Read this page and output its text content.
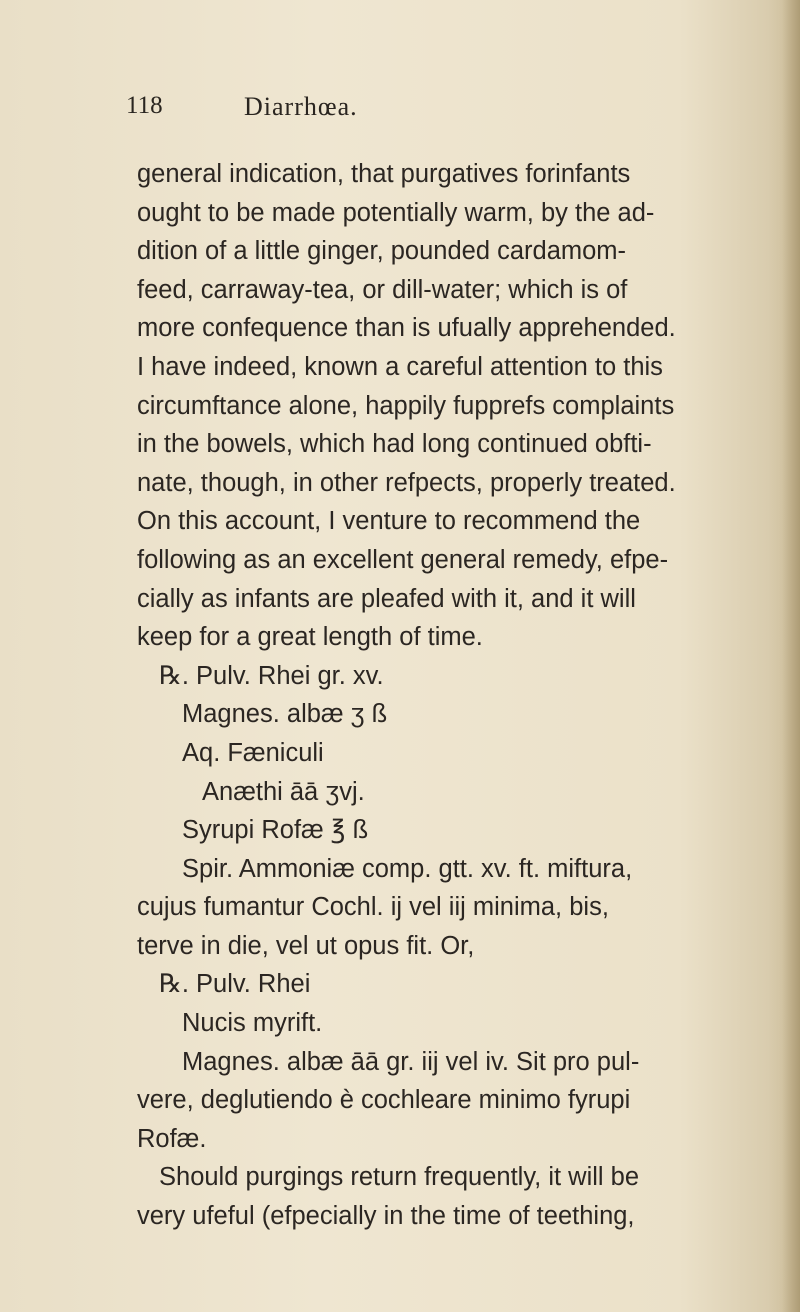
118	Diarrhœa.
general indication, that purgatives forinfants
ought to be made potentially warm, by the ad-
dition of a little ginger, pounded cardamom-
feed, carraway-tea, or dill-water; which is of
more confequence than is ufually apprehended.
I have indeed, known a careful attention to this
circumftance alone, happily fupprefs complaints
in the bowels, which had long continued obfti-
nate, though, in other refpects, properly treated.
On this account, I venture to recommend the
following as an excellent general remedy, efpe-
cially as infants are pleafed with it, and it will
keep for a great length of time.
℞. Pulv. Rhei gr. xv.
Magnes. albæ ʒ ß
Aq. Fæniculi
Anæthi āā ʒvj.
Syrupi Rofæ ℥ ß
Spir. Ammoniæ comp. gtt. xv. ft. miftura,
cujus fumantur Cochl. ij vel iij minima, bis,
terve in die, vel ut opus fit. Or,
℞. Pulv. Rhei
Nucis myrift.
Magnes. albæ āā gr. iij vel iv. Sit pro pul-
vere, deglutiendo è cochleare minimo fyrupi
Rofæ.
Should purgings return frequently, it will be
very ufeful (efpecially in the time of teething,
